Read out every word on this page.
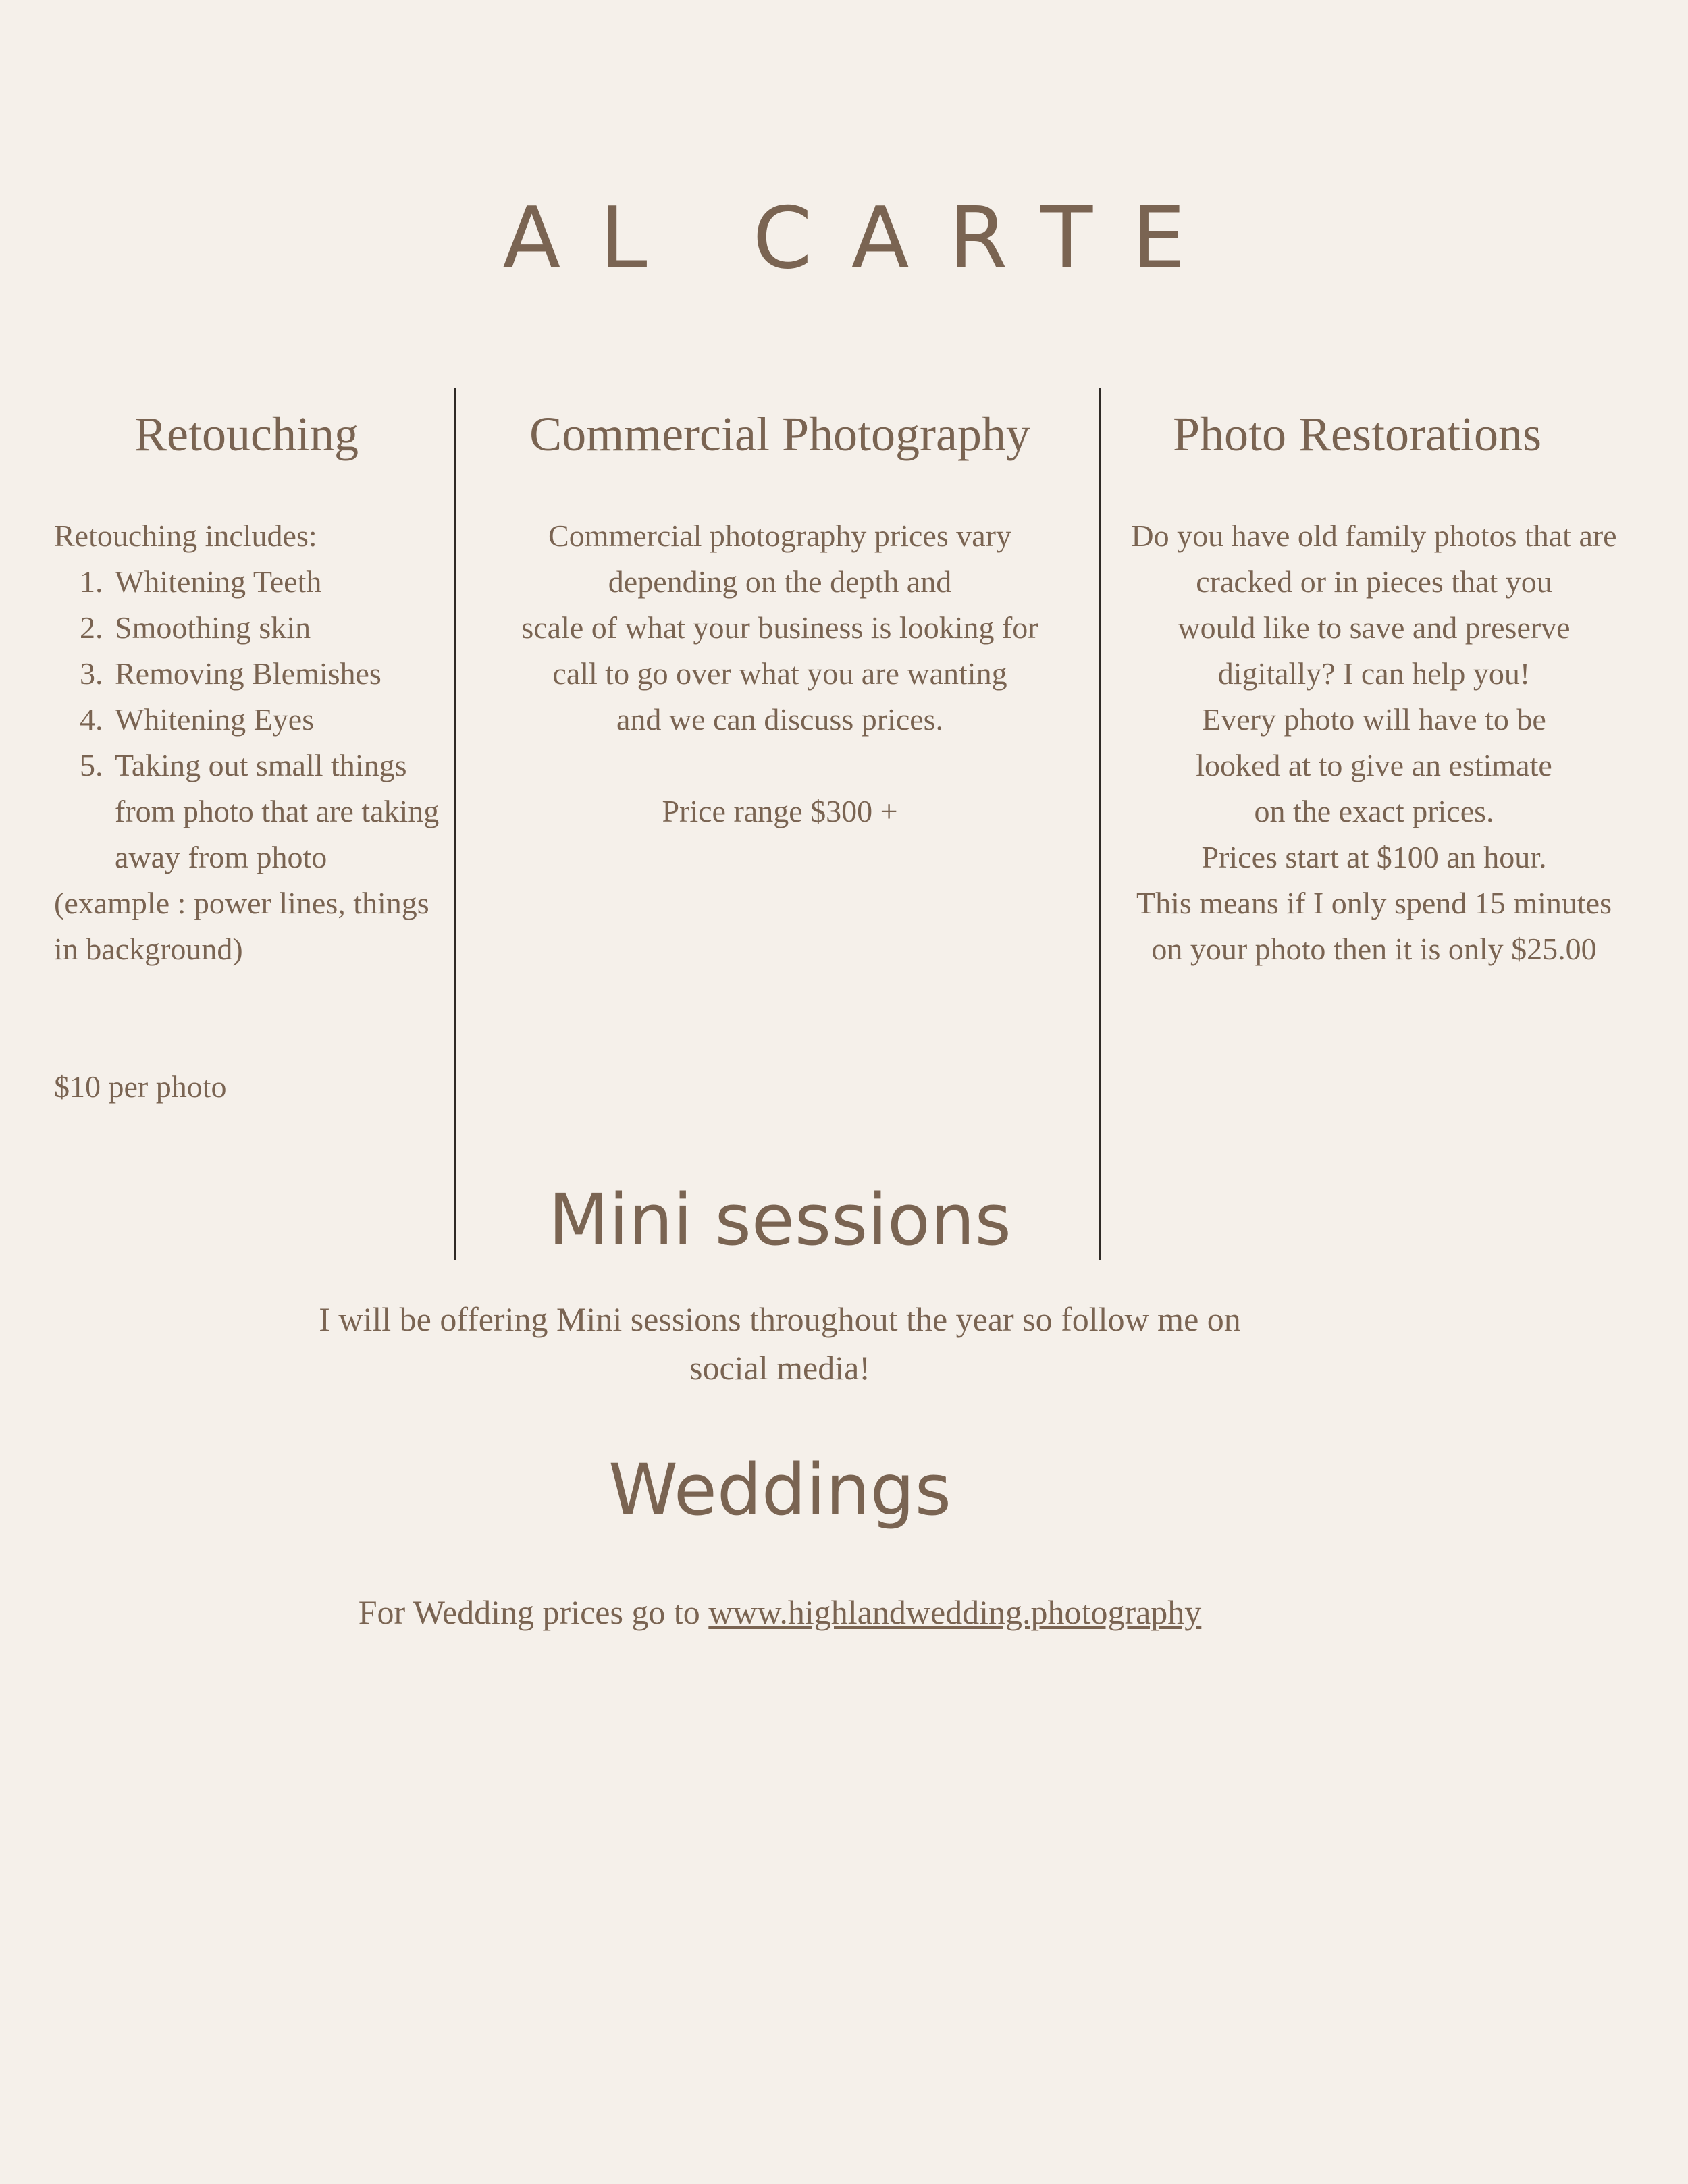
AL CARTE
Retouching
Retouching includes:
1. Whitening Teeth
2. Smoothing skin
3. Removing Blemishes
4. Whitening Eyes
5. Taking out small things from photo that are taking away from photo
(example : power lines, things in background)
$10 per photo
Commercial Photography
Commercial photography prices vary
depending on the depth and
scale of what your business is looking for
call to go over what you are wanting
and we can discuss prices.
Price range $300 +
Photo Restorations
Do you have old family photos that are
cracked or in pieces that you
would like to save and preserve
digitally? I can help you!
Every photo will have to be
looked at to give an estimate
on the exact prices.
Prices start at $100 an hour.
This means if I only spend 15 minutes
on your photo then it is only $25.00
Mini sessions
I will be offering Mini sessions throughout the year so follow me on social media!
Weddings
For Wedding prices go to www.highlandwedding.photography
